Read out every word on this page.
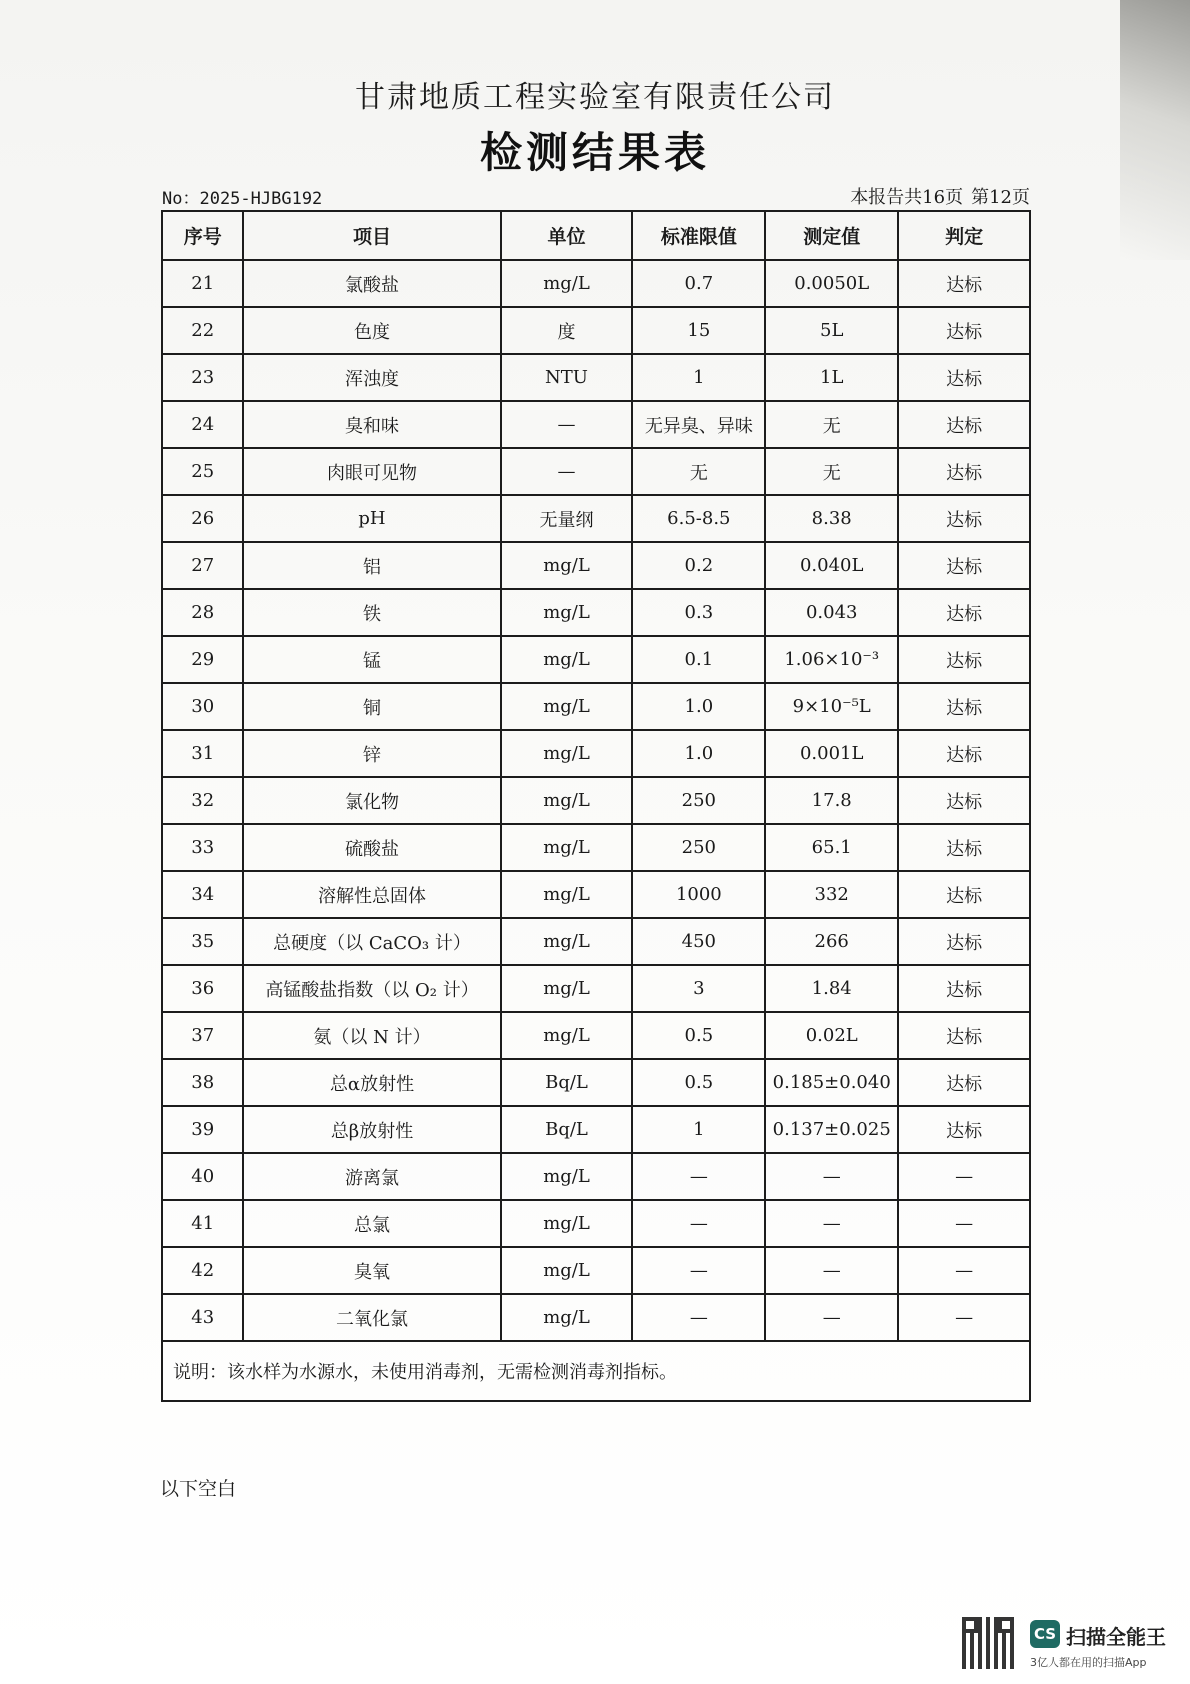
甘肃地质工程实验室有限责任公司
检测结果表
No：2025-HJBG192	本报告共16页 第12页
序号	项目	单位	标准限值	测定值	判定
21	氯酸盐	mg/L	0.7	0.0050L	达标
22	色度	度	15	5L	达标
23	浑浊度	NTU	1	1L	达标
24	臭和味	—	无异臭、异味	无	达标
25	肉眼可见物	—	无	无	达标
26	pH	无量纲	6.5-8.5	8.38	达标
27	铝	mg/L	0.2	0.040L	达标
28	铁	mg/L	0.3	0.043	达标
29	锰	mg/L	0.1	1.06×10⁻³	达标
30	铜	mg/L	1.0	9×10⁻⁵L	达标
31	锌	mg/L	1.0	0.001L	达标
32	氯化物	mg/L	250	17.8	达标
33	硫酸盐	mg/L	250	65.1	达标
34	溶解性总固体	mg/L	1000	332	达标
35	总硬度（以 CaCO₃ 计）	mg/L	450	266	达标
36	高锰酸盐指数（以 O₂ 计）	mg/L	3	1.84	达标
37	氨（以 N 计）	mg/L	0.5	0.02L	达标
38	总α放射性	Bq/L	0.5	0.185±0.040	达标
39	总β放射性	Bq/L	1	0.137±0.025	达标
40	游离氯	mg/L	—	—	—
41	总氯	mg/L	—	—	—
42	臭氧	mg/L	—	—	—
43	二氧化氯	mg/L	—	—	—
说明：该水样为水源水，未使用消毒剂，无需检测消毒剂指标。					
以下空白
CS 扫描全能王
3亿人都在用的扫描App
